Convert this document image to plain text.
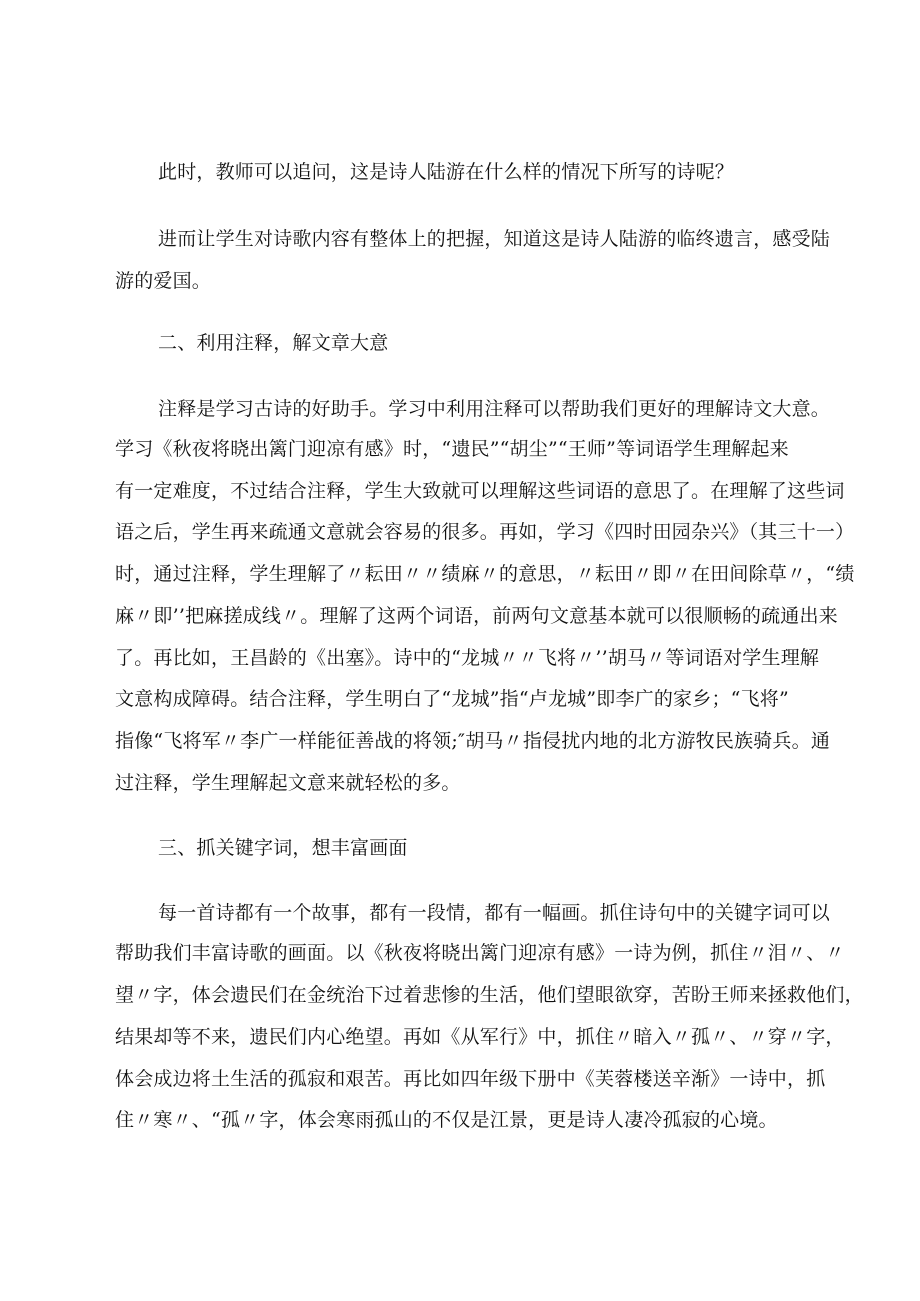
此时，教师可以追问，这是诗人陆游在什么样的情况下所写的诗呢？
进而让学生对诗歌内容有整体上的把握，知道这是诗人陆游的临终遗言，感受陆
游的爱国。
二、利用注释，解文章大意
注释是学习古诗的好助手。学习中利用注释可以帮助我们更好的理解诗文大意。
学习《秋夜将晓出篱门迎凉有感》时，“遗民”“胡尘”“王师”等词语学生理解起来
有一定难度，不过结合注释，学生大致就可以理解这些词语的意思了。在理解了这些词
语之后，学生再来疏通文意就会容易的很多。再如，学习《四时田园杂兴》（其三十一）
时，通过注释，学生理解了〃耘田〃〃绩麻〃的意思，〃耘田〃即〃在田间除草〃，“绩
麻〃即’’把麻搓成线〃。理解了这两个词语，前两句文意基本就可以很顺畅的疏通出来
了。再比如，王昌龄的《出塞》。诗中的“龙城〃〃飞将〃’’胡马〃等词语对学生理解
文意构成障碍。结合注释，学生明白了“龙城”指“卢龙城”即李广的家乡；“飞将”
指像“飞将军〃李广一样能征善战的将领;″胡马〃指侵扰内地的北方游牧民族骑兵。通
过注释，学生理解起文意来就轻松的多。
三、抓关键字词，想丰富画面
每一首诗都有一个故事，都有一段情，都有一幅画。抓住诗句中的关键字词可以
帮助我们丰富诗歌的画面。以《秋夜将晓出篱门迎凉有感》一诗为例，抓住〃泪〃、〃
望〃字，体会遗民们在金统治下过着悲惨的生活，他们望眼欲穿，苦盼王师来拯救他们，
结果却等不来，遗民们内心绝望。再如《从军行》中，抓住〃暗入〃孤〃、〃穿〃字，
体会成边将土生活的孤寂和艰苦。再比如四年级下册中《芙蓉楼送辛渐》一诗中，抓
住〃寒〃、“孤〃字，体会寒雨孤山的不仅是江景，更是诗人凄冷孤寂的心境。
